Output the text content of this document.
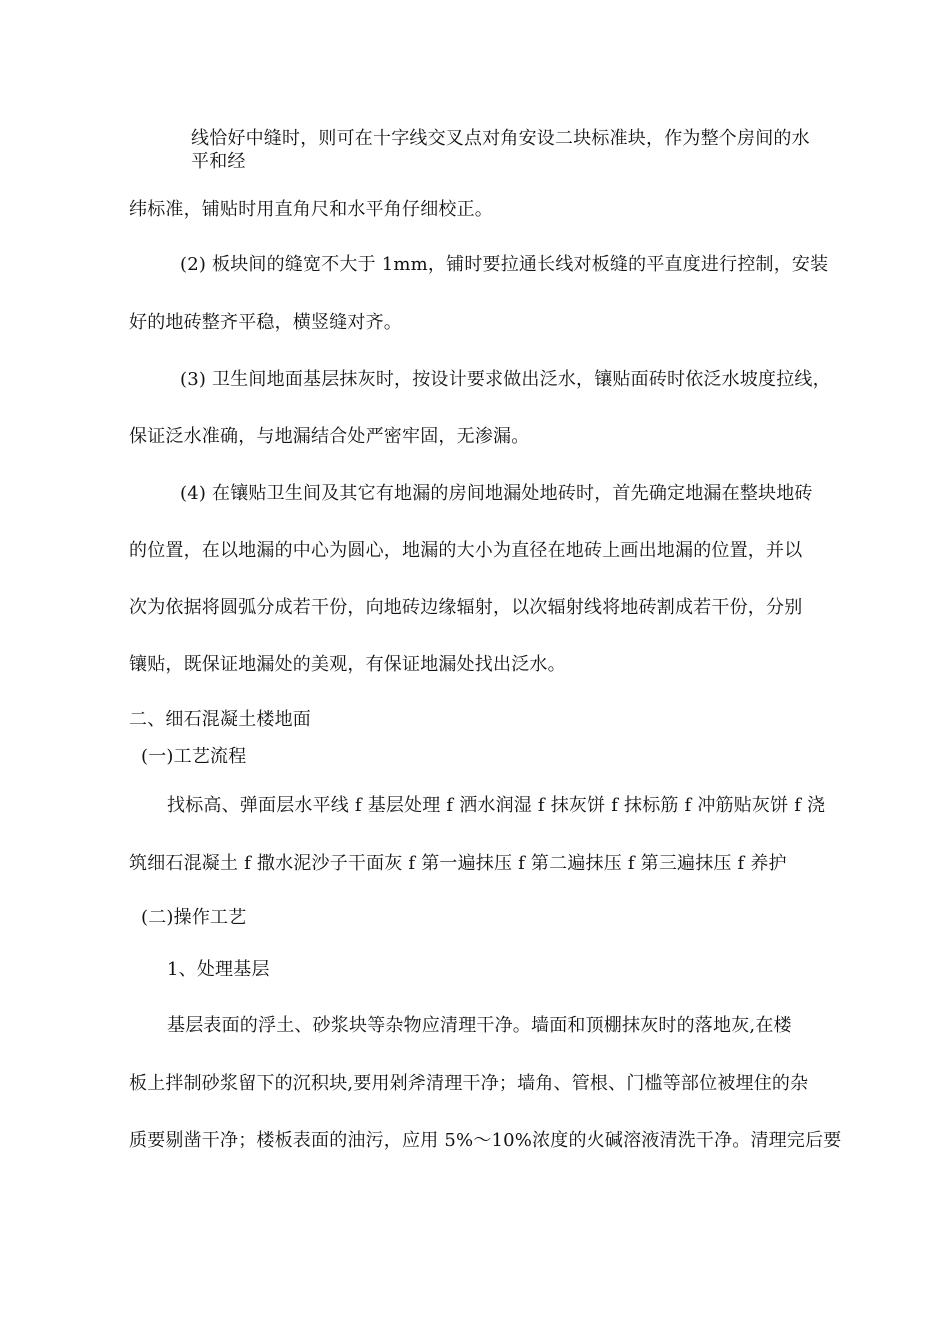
线恰好中缝时，则可在十字线交叉点对角安设二块标准块，作为整个房间的水
平和经
纬标准，铺贴时用直角尺和水平角仔细校正。
(2) 板块间的缝宽不大于 1mm，铺时要拉通长线对板缝的平直度进行控制，安装
好的地砖整齐平稳，横竖缝对齐。
(3) 卫生间地面基层抹灰时，按设计要求做出泛水，镶贴面砖时依泛水坡度拉线，
保证泛水准确，与地漏结合处严密牢固，无渗漏。
(4) 在镶贴卫生间及其它有地漏的房间地漏处地砖时，首先确定地漏在整块地砖
的位置，在以地漏的中心为圆心，地漏的大小为直径在地砖上画出地漏的位置，并以
次为依据将圆弧分成若干份，向地砖边缘辐射，以次辐射线将地砖割成若干份，分别
镶贴，既保证地漏处的美观，有保证地漏处找出泛水。
二、细石混凝土楼地面
(一)工艺流程
找标高、弹面层水平线 f 基层处理 f 洒水润湿 f 抹灰饼 f 抹标筋 f 冲筋贴灰饼 f 浇
筑细石混凝土 f 撒水泥沙子干面灰 f 第一遍抹压 f 第二遍抹压 f 第三遍抹压 f 养护
(二)操作工艺
1、处理基层
基层表面的浮土、砂浆块等杂物应清理干净。墙面和顶棚抹灰时的落地灰,在楼
板上拌制砂浆留下的沉积块,要用剁斧清理干净；墙角、管根、门槛等部位被埋住的杂
质要剔凿干净；楼板表面的油污，应用 5%～10%浓度的火碱溶液清洗干净。清理完后要
